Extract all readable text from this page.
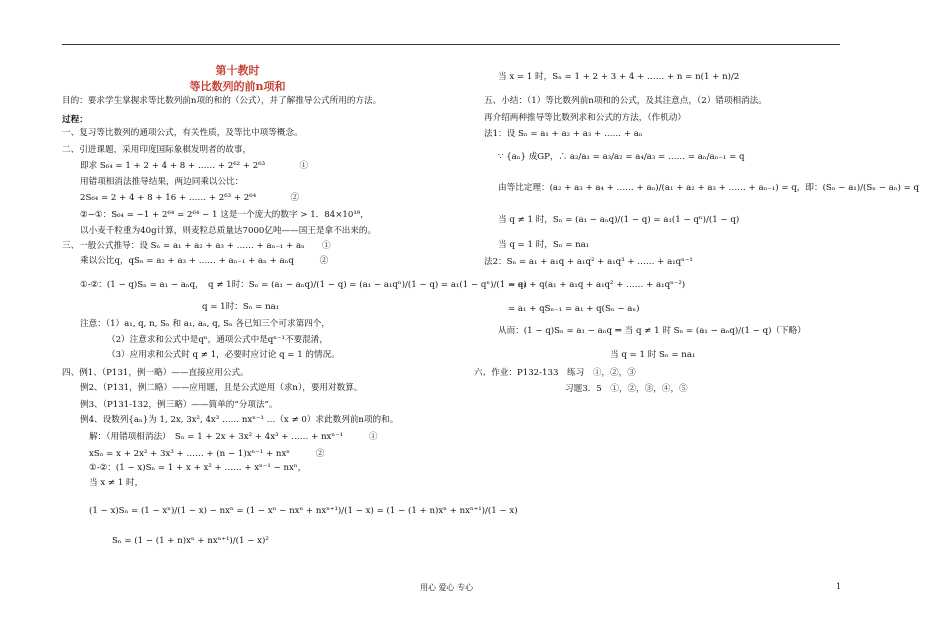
第十教时
等比数列的前n项和
目的：要求学生掌握求等比数列前n项的和的（公式），并了解推导公式所用的方法。
过程：
一、复习等比数列的通项公式，有关性质，及等比中项等概念。
二、引进课题，采用印度国际象棋发明者的故事，
即求 S₆₄ = 1 + 2 + 4 + 8 + …… + 2⁶² + 2⁶³　　　　①
用错项相消法推导结果，两边同乘以公比：
2S₆₄ = 2 + 4 + 8 + 16 + …… + 2⁶³ + 2⁶⁴　　　　②
②−①：S₆₄ = −1 + 2⁶⁴ = 2⁶⁴ − 1 这是一个庞大的数字 > 1．84×10¹⁹，
以小麦千粒重为40g计算，则麦粒总质量达7000亿吨——国王是拿不出来的。
三、一般公式推导：设 Sₙ = a₁ + a₂ + a₃ + …… + aₙ₋₁ + aₙ　　①
乘以公比q，qSₙ = a₂ + a₃ + …… + aₙ₋₁ + aₙ + aₙq　　　②
①-②：(1 − q)Sₙ = a₁ − aₙq，　q ≠ 1时：Sₙ = (a₁ − aₙq)/(1 − q) = (a₁ − a₁qⁿ)/(1 − q) = a₁(1 − qⁿ)/(1 − q)
q = 1时：Sₙ = na₁
注意：（1）a₁, q, n, Sₙ 和 a₁, aₙ, q, Sₙ 各已知三个可求第四个，
（2）注意求和公式中是qⁿ，通项公式中是qⁿ⁻¹不要混淆，
（3）应用求和公式时 q ≠ 1，必要时应讨论 q = 1 的情况。
四、例1、（P131，例一略）——直接应用公式。
例2、（P131，例二略）——应用题，且是公式逆用（求n），要用对数算。
例3、（P131-132，例三略）——简单的“分项法”。
例4、设数列{aₙ}为 1, 2x, 3x², 4x³ …… nxⁿ⁻¹ …（x ≠ 0）求此数列前n项的和。
解：（用错项相消法）　Sₙ = 1 + 2x + 3x² + 4x³ + …… + nxⁿ⁻¹　　　①
xSₙ = x + 2x² + 3x³ + …… + (n − 1)xⁿ⁻¹ + nxⁿ　　　②
①-②：(1 − x)Sₙ = 1 + x + x² + …… + xⁿ⁻¹ − nxⁿ，
当 x ≠ 1 时，
(1 − x)Sₙ = (1 − xⁿ)/(1 − x) − nxⁿ = (1 − xⁿ − nxⁿ + nxⁿ⁺¹)/(1 − x) = (1 − (1 + n)xⁿ + nxⁿ⁺¹)/(1 − x)
Sₙ = (1 − (1 + n)xⁿ + nxⁿ⁺¹)/(1 − x)²
当 x = 1 时，Sₙ = 1 + 2 + 3 + 4 + …… + n = n(1 + n)/2
五、小结：（1）等比数列前n项和的公式，及其注意点，（2）错项相消法。
再介绍两种推导等比数列求和公式的方法，（作机动）
法1：设 Sₙ = a₁ + a₂ + a₃ + …… + aₙ
∵ {aₙ} 成GP，∴ a₂/a₁ = a₃/a₂ = a₄/a₃ = …… = aₙ/aₙ₋₁ = q
由等比定理：(a₂ + a₃ + a₄ + …… + aₙ)/(a₁ + a₂ + a₃ + …… + aₙ₋₁) = q，即：(Sₙ − a₁)/(Sₙ − aₙ) = q
当 q ≠ 1 时，Sₙ = (a₁ − aₙq)/(1 − q) = a₁(1 − qⁿ)/(1 − q)
当 q = 1 时，Sₙ = na₁
法2：Sₙ = a₁ + a₁q + a₁q² + a₁q³ + …… + a₁qⁿ⁻¹
= a₁ + q(a₁ + a₁q + a₁q² + …… + a₁qⁿ⁻²)
= a₁ + qSₙ₋₁ = a₁ + q(Sₙ − aₙ)
从而：(1 − q)Sₙ = a₁ − aₙq ⇒ 当 q ≠ 1 时 Sₙ = (a₁ − aₙq)/(1 − q)（下略）
当 q = 1 时 Sₙ = na₁
六、作业：P132-133　练习　①，②，③
习题3．5　①，②，③，④，⑤
用心 爱心 专心	1
